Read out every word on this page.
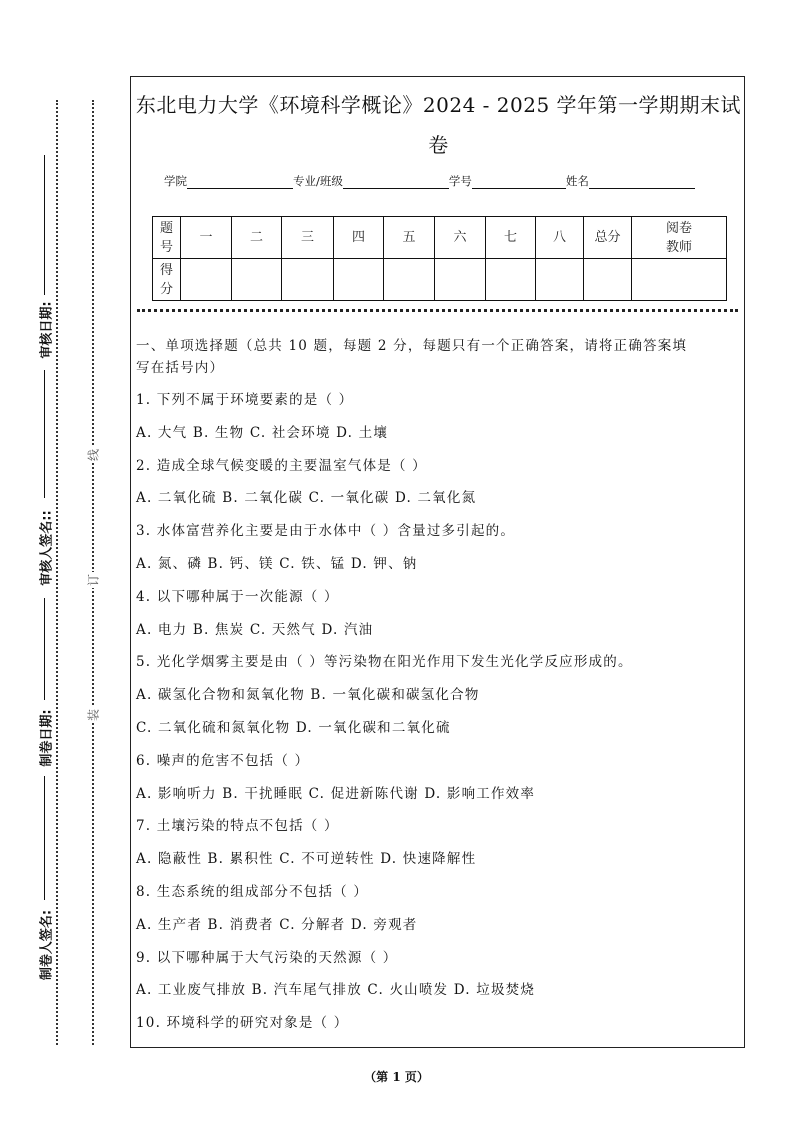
审核日期:
审核人签名::
制卷日期:
制卷人签名:
线
订
装
东北电力大学《环境科学概论》2024 - 2025 学年第一学期期末试
卷
学院	专业/班级	学号	姓名
题号	一	二	三	四	五	六	七	八	总分	阅卷教师
得分										
一、单项选择题（总共 10 题，每题 2 分，每题只有一个正确答案，请将正确答案填
写在括号内）
1. 下列不属于环境要素的是（ ）
A. 大气 B. 生物 C. 社会环境 D. 土壤
2. 造成全球气候变暖的主要温室气体是（ ）
A. 二氧化硫 B. 二氧化碳 C. 一氧化碳 D. 二氧化氮
3. 水体富营养化主要是由于水体中（ ）含量过多引起的。
A. 氮、磷 B. 钙、镁 C. 铁、锰 D. 钾、钠
4. 以下哪种属于一次能源（ ）
A. 电力 B. 焦炭 C. 天然气 D. 汽油
5. 光化学烟雾主要是由（ ）等污染物在阳光作用下发生光化学反应形成的。
A. 碳氢化合物和氮氧化物 B. 一氧化碳和碳氢化合物
C. 二氧化硫和氮氧化物 D. 一氧化碳和二氧化硫
6. 噪声的危害不包括（ ）
A. 影响听力 B. 干扰睡眠 C. 促进新陈代谢 D. 影响工作效率
7. 土壤污染的特点不包括（ ）
A. 隐蔽性 B. 累积性 C. 不可逆转性 D. 快速降解性
8. 生态系统的组成部分不包括（ ）
A. 生产者 B. 消费者 C. 分解者 D. 旁观者
9. 以下哪种属于大气污染的天然源（ ）
A. 工业废气排放 B. 汽车尾气排放 C. 火山喷发 D. 垃圾焚烧
10. 环境科学的研究对象是（ ）
（第 1 页）
